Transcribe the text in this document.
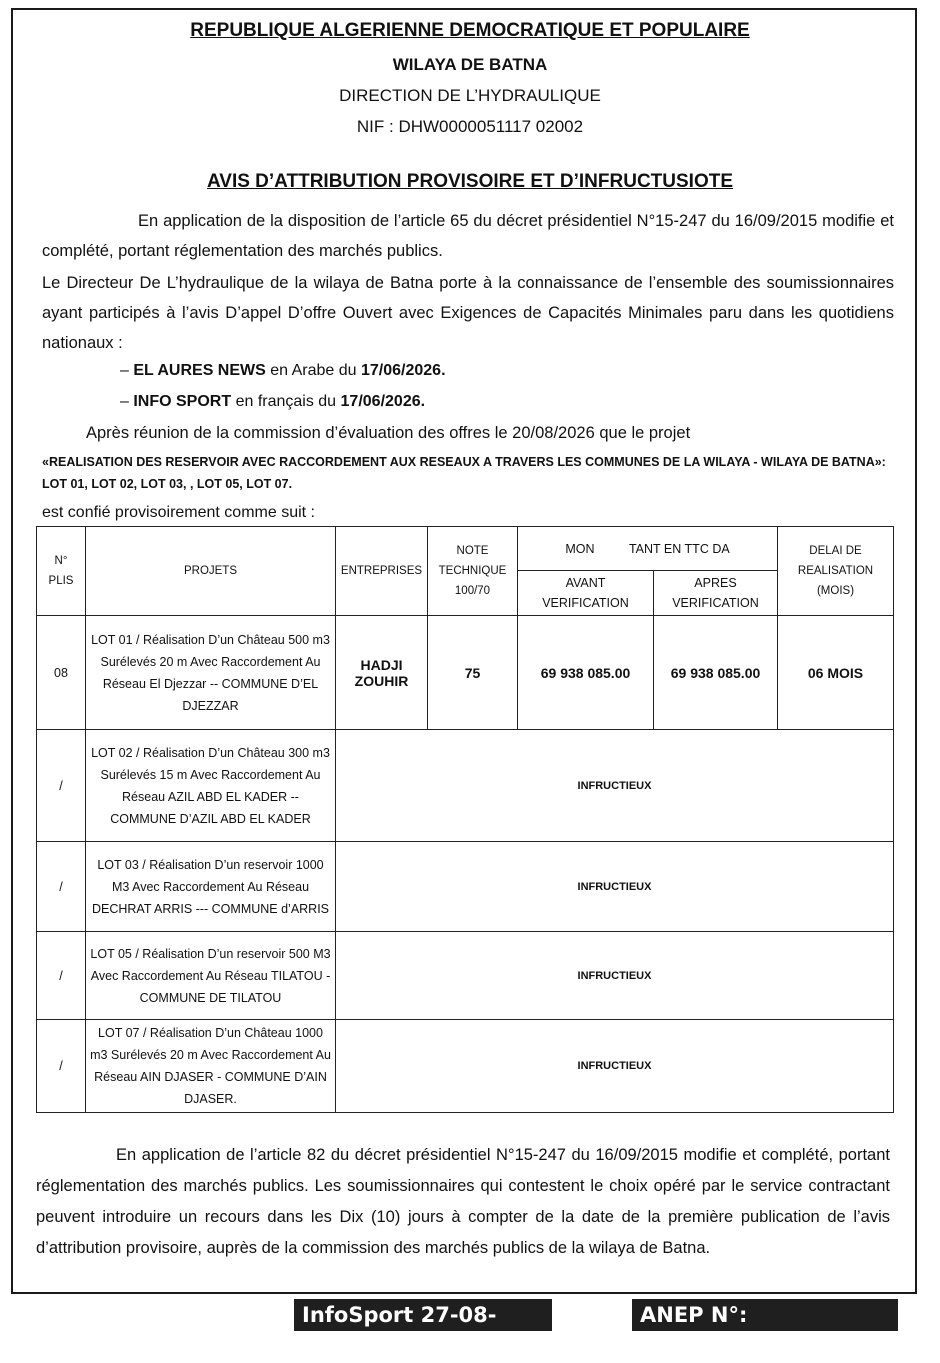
REPUBLIQUE ALGERIENNE DEMOCRATIQUE ET POPULAIRE
WILAYA DE BATNA
DIRECTION DE L’HYDRAULIQUE
NIF : DHW0000051117 02002
AVIS D’ATTRIBUTION PROVISOIRE ET D’INFRUCTUSIOTE
En application de la disposition de l’article 65 du décret présidentiel N°15-247 du 16/09/2015 modifie et complété, portant réglementation des marchés publics.
Le Directeur De L’hydraulique de la wilaya de Batna porte à la connaissance de l’ensemble des soumissionnaires ayant participés à l’avis D’appel D’offre Ouvert avec Exigences de Capacités Minimales paru dans les quotidiens nationaux :
– EL AURES NEWS en Arabe du 17/06/2026.
– INFO SPORT en français du 17/06/2026.
Après réunion de la commission d’évaluation des offres le 20/08/2026 que le projet
«REALISATION DES RESERVOIR AVEC RACCORDEMENT AUX RESEAUX A TRAVERS LES COMMUNES DE LA WILAYA - WILAYA DE BATNA»: LOT 01, LOT 02, LOT 03, , LOT 05, LOT 07.
est confié provisoirement comme suit :
N° PLIS	PROJETS	ENTREPRISES	NOTE TECHNIQUE 100/70	MON          TANT EN TTC DA		DELAI DE REALISATION (MOIS)
				AVANT VERIFICATION	APRES VERIFICATION	
08	LOT 01 / Réalisation D’un Château 500 m3 Surélevés 20 m Avec Raccordement Au Réseau El Djezzar -- COMMUNE D’EL DJEZZAR	HADJI ZOUHIR	75	69 938 085.00	69 938 085.00	06 MOIS
/	LOT 02 / Réalisation D’un Château 300 m3 Surélevés 15 m Avec Raccordement Au Réseau AZIL ABD EL KADER -- COMMUNE D’AZIL ABD EL KADER	INFRUCTIEUX				
/	LOT 03 / Réalisation D’un reservoir 1000 M3 Avec Raccordement Au Réseau DECHRAT ARRIS --- COMMUNE d’ARRIS	INFRUCTIEUX				
/	LOT 05 / Réalisation D’un reservoir 500 M3 Avec Raccordement Au Réseau TILATOU -COMMUNE DE TILATOU	INFRUCTIEUX				
/	LOT 07 / Réalisation D’un Château 1000 m3 Surélevés 20 m Avec Raccordement Au Réseau AIN DJASER - COMMUNE D’AIN DJASER.	INFRUCTIEUX				
En application de l’article 82 du décret présidentiel N°15-247 du 16/09/2015 modifie et complété, portant réglementation des marchés publics. Les soumissionnaires qui contestent le choix opéré par le service contractant peuvent introduire un recours dans les Dix (10) jours à compter de la date de la première publication de l’avis d’attribution provisoire, auprès de la commission des marchés publics de la wilaya de Batna.
InfoSport 27-08-2026
ANEP N°: 2625008290
